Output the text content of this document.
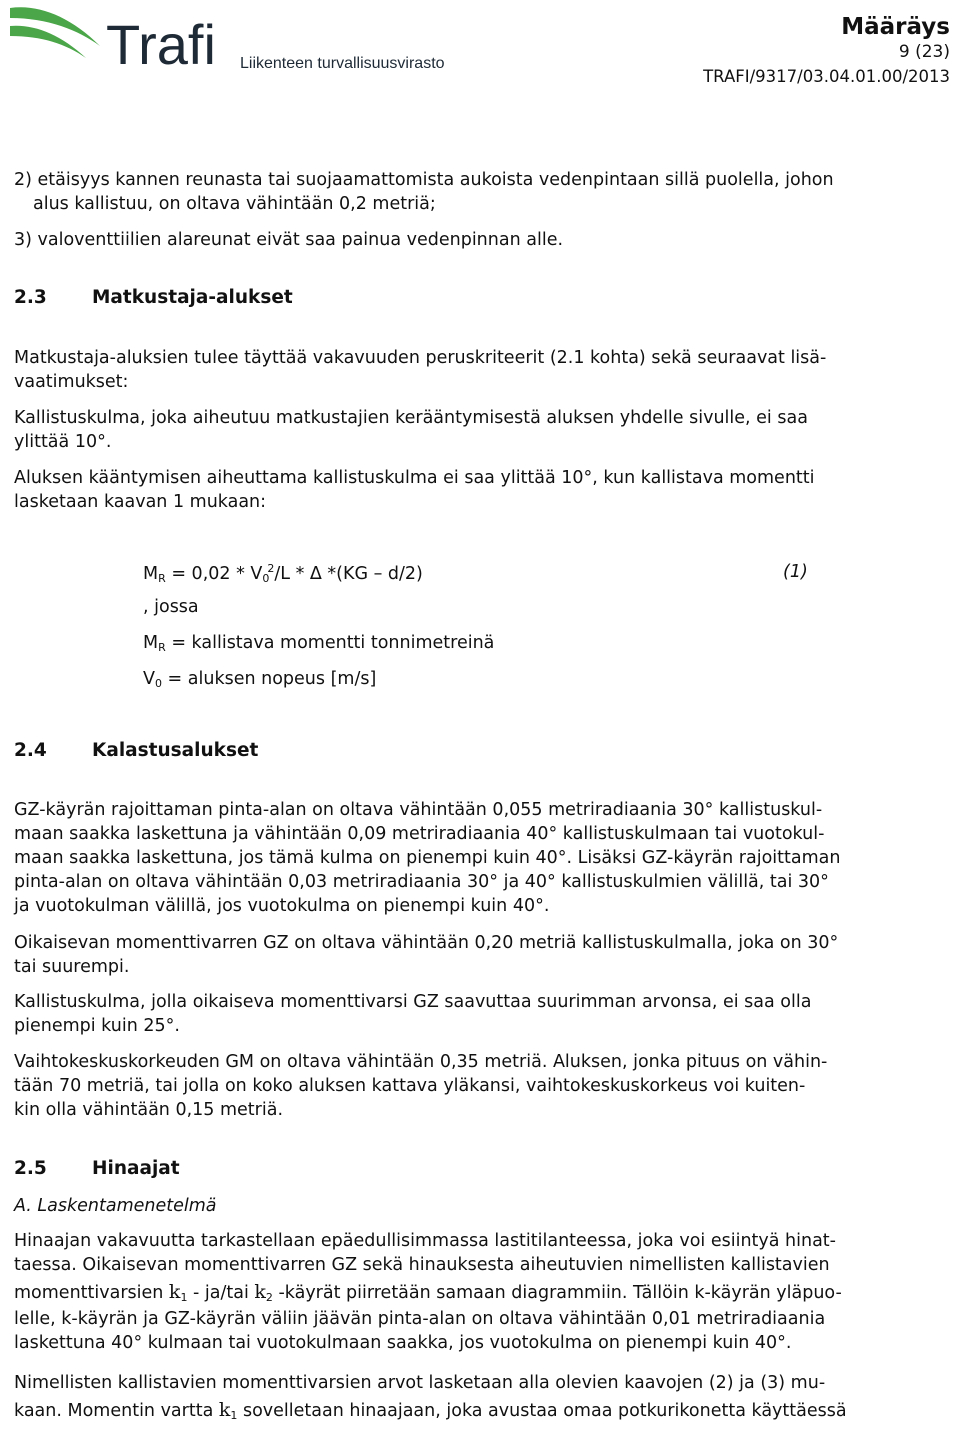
Trafi Liikenteen turvallisuusvirasto
Määräys
9 (23)
TRAFI/9317/03.04.01.00/2013
2) etäisyys kannen reunasta tai suojaamattomista aukoista vedenpintaan sillä puolella, johon
alus kallistuu, on oltava vähintään 0,2 metriä;
3) valoventtiilien alareunat eivät saa painua vedenpinnan alle.
2.3 Matkustaja-alukset
Matkustaja-aluksien tulee täyttää vakavuuden peruskriteerit (2.1 kohta) sekä seuraavat lisä-
vaatimukset:
Kallistuskulma, joka aiheutuu matkustajien kerääntymisestä aluksen yhdelle sivulle, ei saa
ylittää 10°.
Aluksen kääntymisen aiheuttama kallistuskulma ei saa ylittää 10°, kun kallistava momentti
lasketaan kaavan 1 mukaan:
$M_R = 0,02 * V_0^2/L * \Delta$ *(KG – d/2)	(1)
, jossa
$M_R$ = kallistava momentti tonnimetreinä
$V_0$ = aluksen nopeus [m/s]
2.4 Kalastusalukset
GZ-käyrän rajoittaman pinta-alan on oltava vähintään 0,055 metriradiaania 30° kallistuskul-
maan saakka laskettuna ja vähintään 0,09 metriradiaania 40° kallistuskulmaan tai vuotokul-
maan saakka laskettuna, jos tämä kulma on pienempi kuin 40°. Lisäksi GZ-käyrän rajoittaman
pinta-alan on oltava vähintään 0,03 metriradiaania 30° ja 40° kallistuskulmien välillä, tai 30°
ja vuotokulman välillä, jos vuotokulma on pienempi kuin 40°.
Oikaisevan momenttivarren GZ on oltava vähintään 0,20 metriä kallistuskulmalla, joka on 30°
tai suurempi.
Kallistuskulma, jolla oikaiseva momenttivarsi GZ saavuttaa suurimman arvonsa, ei saa olla
pienempi kuin 25°.
Vaihtokeskuskorkeuden GM on oltava vähintään 0,35 metriä. Aluksen, jonka pituus on vähin-
tään 70 metriä, tai jolla on koko aluksen kattava yläkansi, vaihtokeskuskorkeus voi kuiten-
kin olla vähintään 0,15 metriä.
2.5 Hinaajat
A. Laskentamenetelmä
Hinaajan vakavuutta tarkastellaan epäedullisimmassa lastitilanteessa, joka voi esiintyä hinat-
taessa. Oikaisevan momenttivarren GZ sekä hinauksesta aiheutuvien nimellisten kallistavien
momenttivarsien $k_1 - ja/tai$ $k_2$ -käyrät piirretään samaan diagrammiin. Tällöin k-käyrän yläpuo-
lelle, k-käyrän ja GZ-käyrän väliin jäävän pinta-alan on oltava vähintään 0,01 metriradiaania
laskettuna 40° kulmaan tai vuotokulmaan saakka, jos vuotokulma on pienempi kuin 40°.
Nimellisten kallistavien momenttivarsien arvot lasketaan alla olevien kaavojen (2) ja (3) mu-
kaan. Momentin vartta $k_1$ sovelletaan hinaajaan, joka avustaa omaa potkurikonetta käyttäessä
